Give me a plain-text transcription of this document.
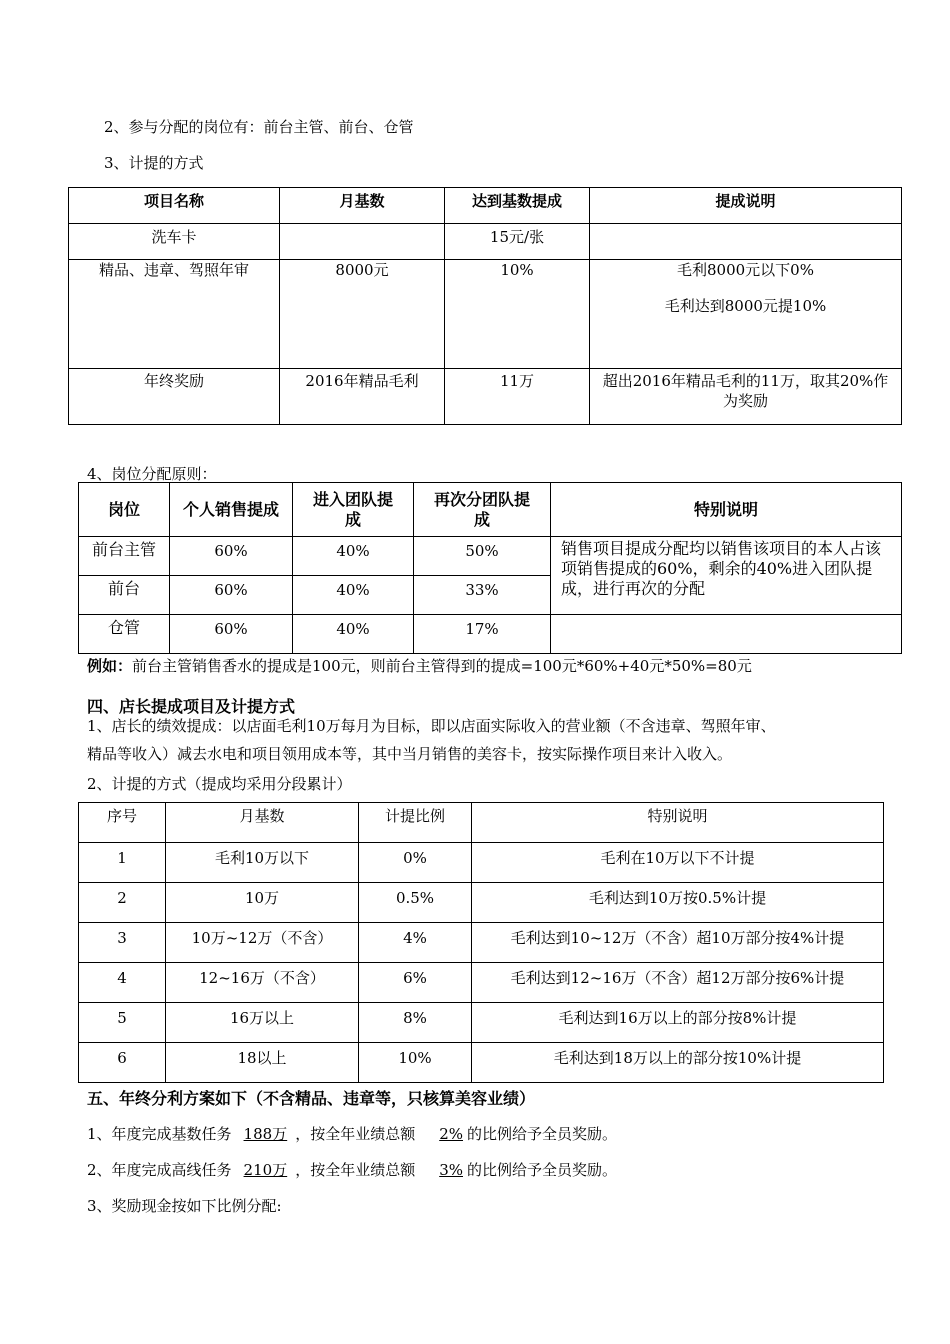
2、参与分配的岗位有：前台主管、前台、仓管
3、计提的方式
项目名称	月基数	达到基数提成	提成说明
洗车卡		15元/张	
精品、违章、驾照年审	8000元	10%	毛利8000元以下0%
毛利达到8000元提10%

年终奖励	2016年精品毛利	11万	超出2016年精品毛利的11万，取其20%作为奖励
4、岗位分配原则：
岗位	个人销售提成	进入团队提成	再次分团队提成	特别说明
前台主管	60%	40%	50%	销售项目提成分配均以销售该项目的本人占该项销售提成的60%，剩余的40%进入团队提成，进行再次的分配
前台	60%	40%	33%	
仓管	60%	40%	17%	
例如：前台主管销售香水的提成是100元，则前台主管得到的提成=100元*60%+40元*50%=80元
四、店长提成项目及计提方式
1、店长的绩效提成：以店面毛利10万每月为目标，即以店面实际收入的营业额（不含违章、驾照年审、
精品等收入）减去水电和项目领用成本等，其中当月销售的美容卡，按实际操作项目来计入收入。
2、计提的方式（提成均采用分段累计）
序号	月基数	计提比例	特别说明
1	毛利10万以下	0%	毛利在10万以下不计提
2	10万	0.5%	毛利达到10万按0.5%计提
3	10万~12万（不含）	4%	毛利达到10~12万（不含）超10万部分按4%计提
4	12~16万（不含）	6%	毛利达到12~16万（不含）超12万部分按6%计提
5	16万以上	8%	毛利达到16万以上的部分按8%计提
6	18以上	10%	毛利达到18万以上的部分按10%计提
五、年终分利方案如下（不含精品、违章等，只核算美容业绩）
1、年度完成基数任务 188万 ，按全年业绩总额 2% 的比例给予全员奖励。
2、年度完成高线任务 210万 ，按全年业绩总额 3% 的比例给予全员奖励。
3、奖励现金按如下比例分配:
